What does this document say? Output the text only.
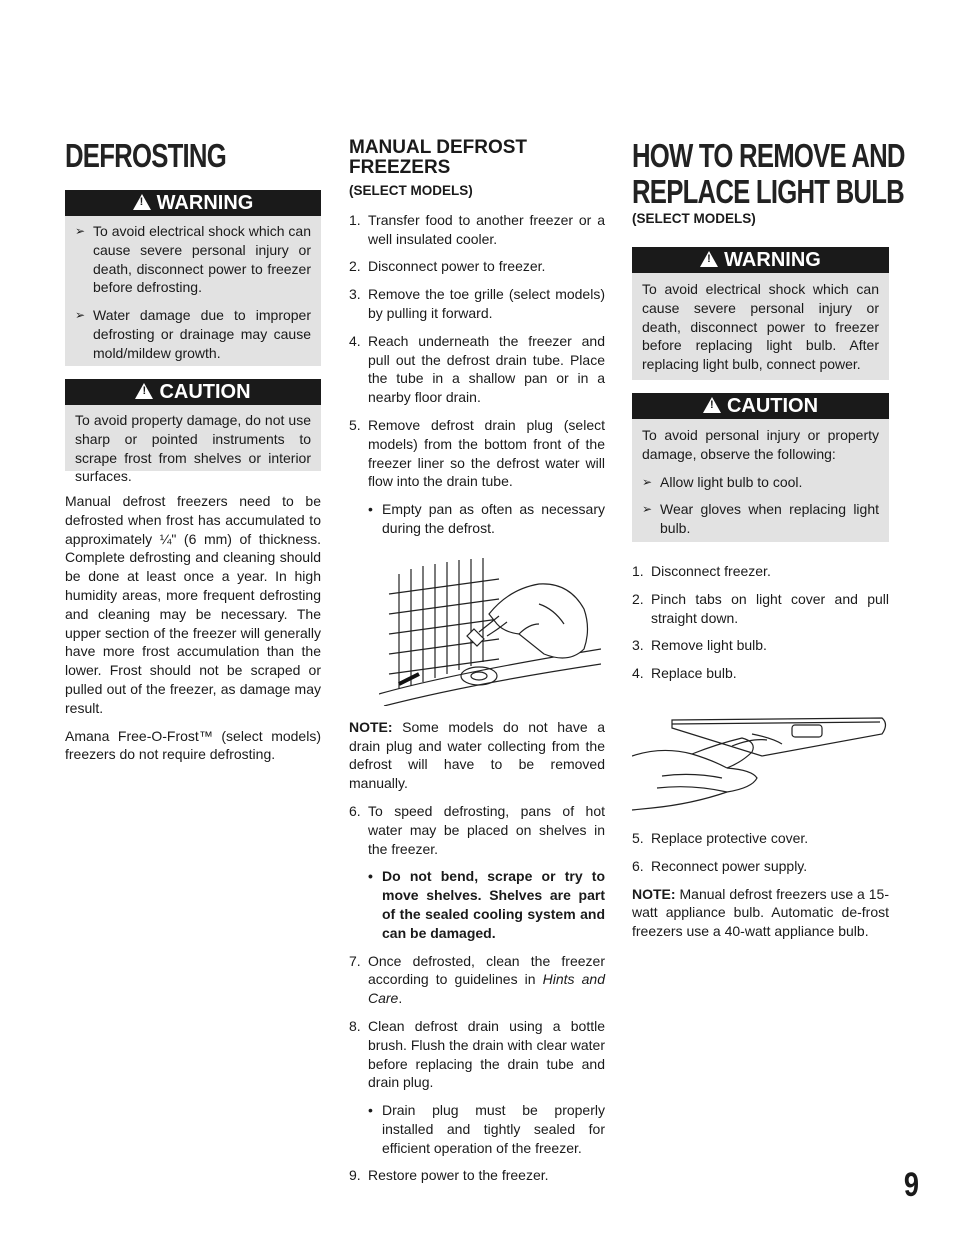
DEFROSTING
!
WARNING
➢ To avoid electrical shock which can cause severe personal injury or death, disconnect power to freezer before defrosting.
➢ Water damage due to improper defrosting or drainage may cause mold/mildew growth.
!
CAUTION

To avoid property damage, do not use sharp or pointed instruments to scrape frost from shelves or interior surfaces.

Manual defrost freezers need to be defrosted when frost has accumulated to approximately ¼" (6 mm) of thickness. Complete defrosting and cleaning should be done at least once a year. In high humidity areas, more frequent defrosting and cleaning may be necessary. The upper section of the freezer will generally have more frost accumulation than the lower. Frost should not be scraped or pulled out of the freezer, as damage may result.

Amana Free-O-Frost™ (select models) freezers do not require defrosting.

MANUAL DEFROST FREEZERS
(SELECT MODELS)
1. Transfer food to another freezer or a well insulated cooler.
2. Disconnect power to freezer.
3. Remove the toe grille (select models) by pulling it forward.
4. Reach underneath the freezer and pull out the defrost drain tube. Place the tube in a shallow pan or in a nearby floor drain.
5. Remove defrost drain plug (select models) from the bottom front of the freezer liner so the defrost water will flow into the drain tube.
• Empty pan as often as necessary during the defrost.

NOTE: Some models do not have a drain plug and water collecting from the defrost will have to be removed manually.

6. To speed defrosting, pans of hot water may be placed on shelves in the freezer.
• Do not bend, scrape or try to move shelves. Shelves are part of the sealed cooling system and can be damaged.
7. Once defrosted, clean the freezer according to guidelines in Hints and Care.
8. Clean defrost drain using a bottle brush. Flush the drain with clear water before replacing the drain tube and drain plug.
• Drain plug must be properly installed and tightly sealed for efficient operation of the freezer.
9. Restore power to the freezer.
HOW TO REMOVE AND
REPLACE LIGHT BULB
(SELECT MODELS)
!
WARNING

To avoid electrical shock which can cause severe personal injury or death, disconnect power to freezer before replacing light bulb. After replacing light bulb, connect power.

!
CAUTION

To avoid personal injury or property damage, observe the following:

➢ Allow light bulb to cool.
➢ Wear gloves when replacing light bulb.
1. Disconnect freezer.
2. Pinch tabs on light cover and pull straight down.
3. Remove light bulb.
4. Replace bulb.
5. Replace protective cover.
6. Reconnect power supply.

NOTE: Manual defrost freezers use a 15-watt appliance bulb. Automatic de-frost freezers use a 40-watt appliance bulb.

9
